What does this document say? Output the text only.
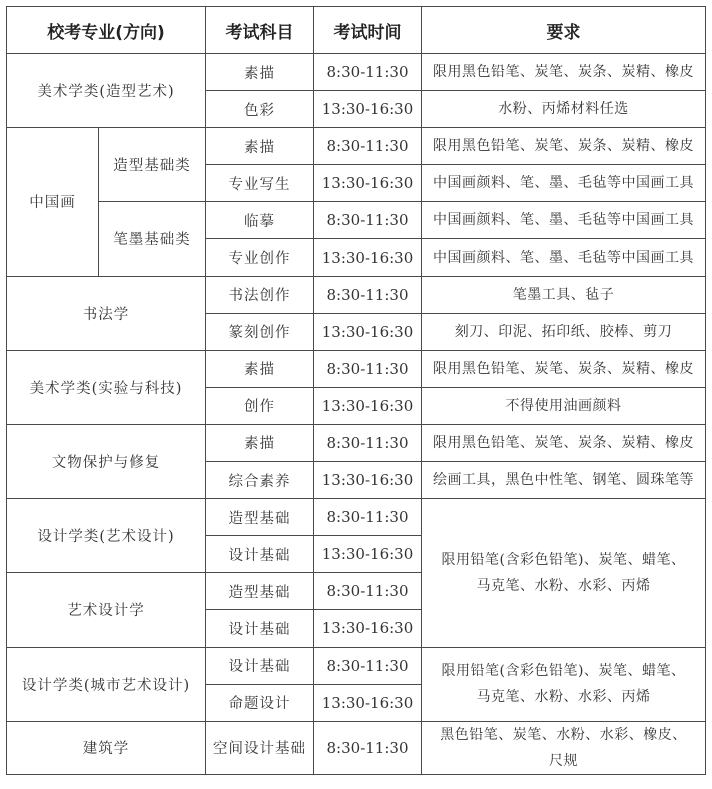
校考专业(方向)		考试科目	考试时间	要求
美术学类(造型艺术)		素描	8:30-11:30	限用黑色铅笔、炭笔、炭条、炭精、橡皮
		色彩	13:30-16:30	水粉、丙烯材料任选
中国画	造型基础类	素描	8:30-11:30	限用黑色铅笔、炭笔、炭条、炭精、橡皮
		专业写生	13:30-16:30	中国画颜料、笔、墨、毛毡等中国画工具
	笔墨基础类	临摹	8:30-11:30	中国画颜料、笔、墨、毛毡等中国画工具
		专业创作	13:30-16:30	中国画颜料、笔、墨、毛毡等中国画工具
书法学		书法创作	8:30-11:30	笔墨工具、毡子
		篆刻创作	13:30-16:30	刻刀、印泥、拓印纸、胶棒、剪刀
美术学类(实验与科技)		素描	8:30-11:30	限用黑色铅笔、炭笔、炭条、炭精、橡皮
		创作	13:30-16:30	不得使用油画颜料
文物保护与修复		素描	8:30-11:30	限用黑色铅笔、炭笔、炭条、炭精、橡皮
		综合素养	13:30-16:30	绘画工具，黑色中性笔、钢笔、圆珠笔等
设计学类(艺术设计)		造型基础	8:30-11:30	限用铅笔(含彩色铅笔)、炭笔、蜡笔、马克笔、水粉、水彩、丙烯
		设计基础	13:30-16:30	
艺术设计学		造型基础	8:30-11:30	
		设计基础	13:30-16:30	
设计学类(城市艺术设计)		设计基础	8:30-11:30	限用铅笔(含彩色铅笔)、炭笔、蜡笔、马克笔、水粉、水彩、丙烯
		命题设计	13:30-16:30	
建筑学		空间设计基础	8:30-11:30	黑色铅笔、炭笔、水粉、水彩、橡皮、尺规
